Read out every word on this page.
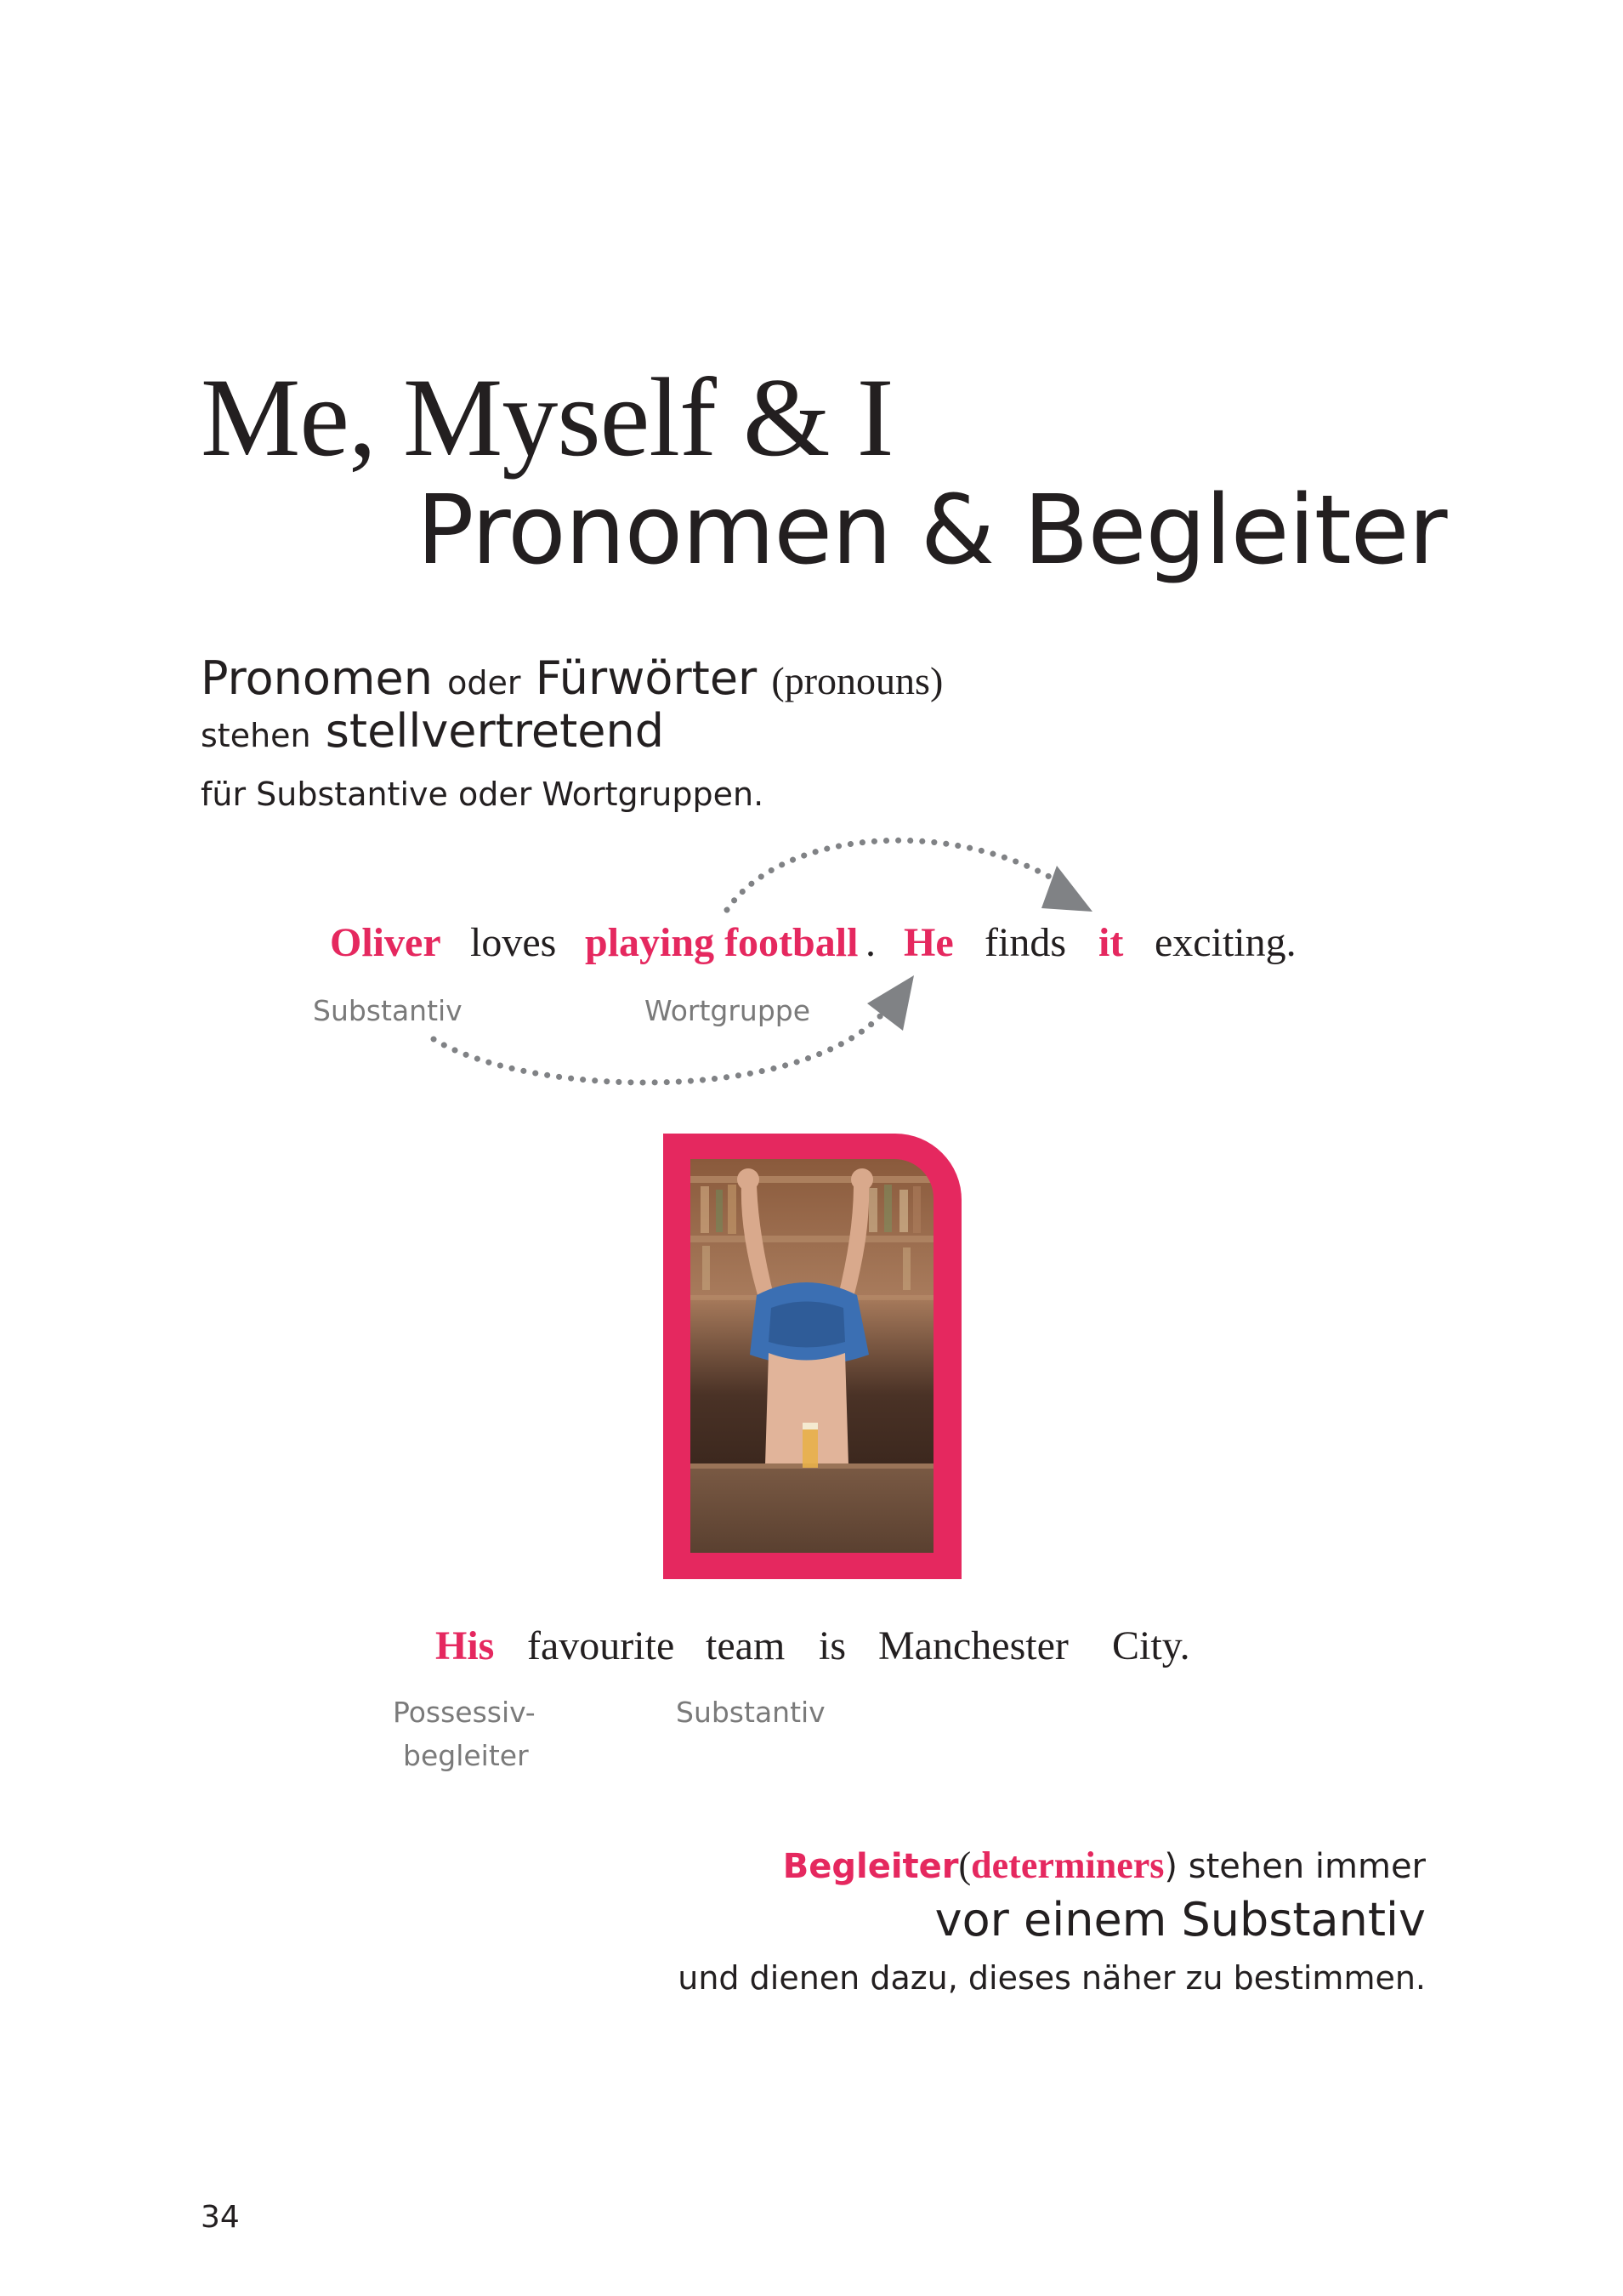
Me, Myself & I
Pronomen & Begleiter
Pronomen oder Fürwörter (pronouns)
stehen stellvertretend
für Substantive oder Wortgruppen.
Oliver loves playing football . He finds it exciting.
Substantiv	Wortgruppe
His favourite team is Manchester City.
Possessiv-
begleiter
Substantiv
Begleiter(determiners) stehen immer
vor einem Substantiv
und dienen dazu, dieses näher zu bestimmen.
34
